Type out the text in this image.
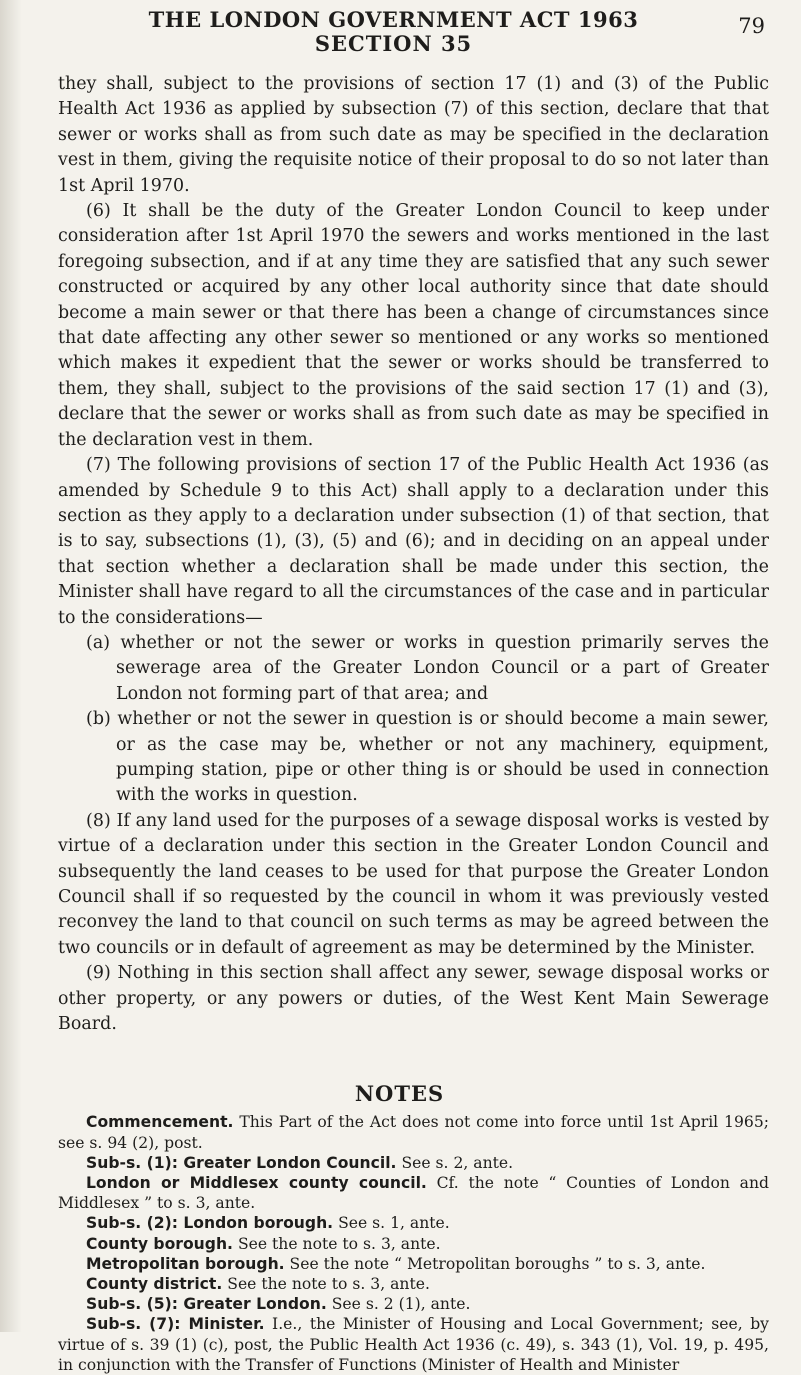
79
THE LONDON GOVERNMENT ACT 1963
SECTION 35

they shall, subject to the provisions of section 17 (1) and (3) of the Public Health Act 1936 as applied by subsection (7) of this section, declare that that sewer or works shall as from such date as may be specified in the declaration vest in them, giving the requisite notice of their proposal to do so not later than 1st April 1970.

(6) It shall be the duty of the Greater London Council to keep under consideration after 1st April 1970 the sewers and works mentioned in the last foregoing subsection, and if at any time they are satisfied that any such sewer constructed or acquired by any other local authority since that date should become a main sewer or that there has been a change of circumstances since that date affecting any other sewer so mentioned or any works so mentioned which makes it expedient that the sewer or works should be transferred to them, they shall, subject to the provisions of the said section 17 (1) and (3), declare that the sewer or works shall as from such date as may be specified in the declaration vest in them.

(7) The following provisions of section 17 of the Public Health Act 1936 (as amended by Schedule 9 to this Act) shall apply to a declaration under this section as they apply to a declaration under subsection (1) of that section, that is to say, subsections (1), (3), (5) and (6); and in deciding on an appeal under that section whether a declaration shall be made under this section, the Minister shall have regard to all the circumstances of the case and in particular to the considerations—

(a) whether or not the sewer or works in question primarily serves the sewerage area of the Greater London Council or a part of Greater London not forming part of that area; and

(b) whether or not the sewer in question is or should become a main sewer, or as the case may be, whether or not any machinery, equipment, pumping station, pipe or other thing is or should be used in connection with the works in question.

(8) If any land used for the purposes of a sewage disposal works is vested by virtue of a declaration under this section in the Greater London Council and subsequently the land ceases to be used for that purpose the Greater London Council shall if so requested by the council in whom it was previously vested reconvey the land to that council on such terms as may be agreed between the two councils or in default of agreement as may be determined by the Minister.

(9) Nothing in this section shall affect any sewer, sewage disposal works or other property, or any powers or duties, of the West Kent Main Sewerage Board.

NOTES

Commencement. This Part of the Act does not come into force until 1st April 1965; see s. 94 (2), post.

Sub-s. (1): Greater London Council. See s. 2, ante.

London or Middlesex county council. Cf. the note “ Counties of London and Middlesex ” to s. 3, ante.

Sub-s. (2): London borough. See s. 1, ante.

County borough. See the note to s. 3, ante.

Metropolitan borough. See the note “ Metropolitan boroughs ” to s. 3, ante.

County district. See the note to s. 3, ante.

Sub-s. (5): Greater London. See s. 2 (1), ante.

Sub-s. (7): Minister. I.e., the Minister of Housing and Local Government; see, by virtue of s. 39 (1) (c), post, the Public Health Act 1936 (c. 49), s. 343 (1), Vol. 19, p. 495, in conjunction with the Transfer of Functions (Minister of Health and Minister
